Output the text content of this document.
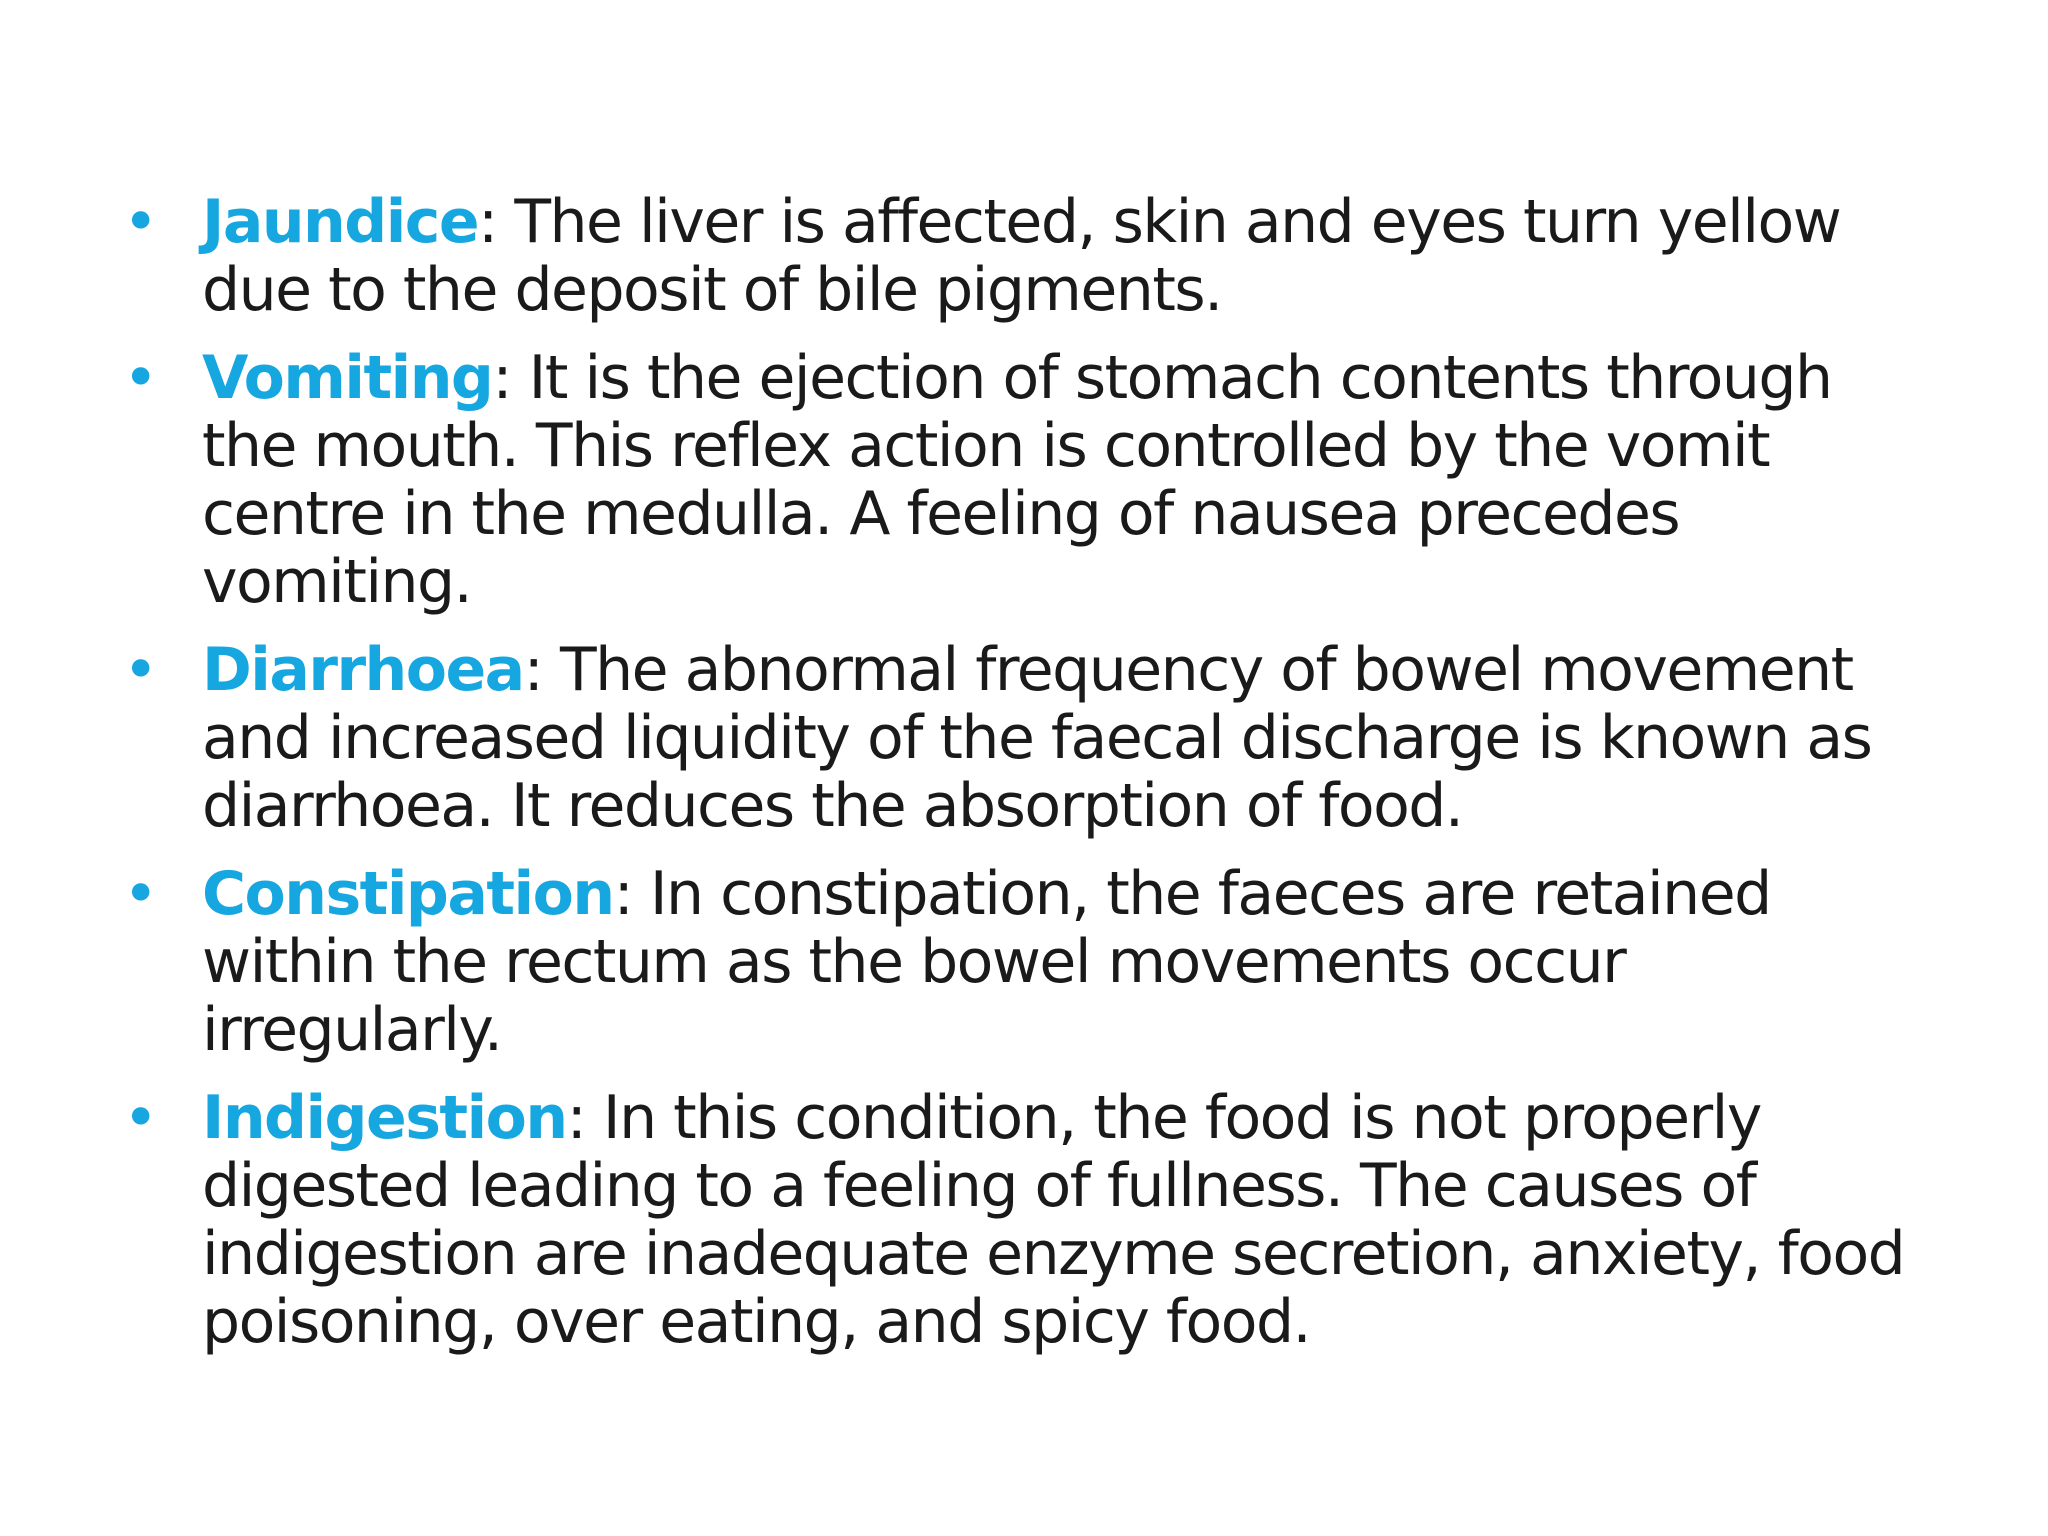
• Jaundice: The liver is affected, skin and eyes turn yellow due to the deposit of bile pigments.
• Vomiting: It is the ejection of stomach contents through the mouth. This reflex action is controlled by the vomit centre in the medulla. A feeling of nausea precedes vomiting.
• Diarrhoea: The abnormal frequency of bowel movement and increased liquidity of the faecal discharge is known as diarrhoea. It reduces the absorption of food.
• Constipation: In constipation, the faeces are retained within the rectum as the bowel movements occur irregularly.
• Indigestion: In this condition, the food is not properly digested leading to a feeling of fullness. The causes of indigestion are inadequate enzyme secretion, anxiety, food poisoning, over eating, and spicy food.
